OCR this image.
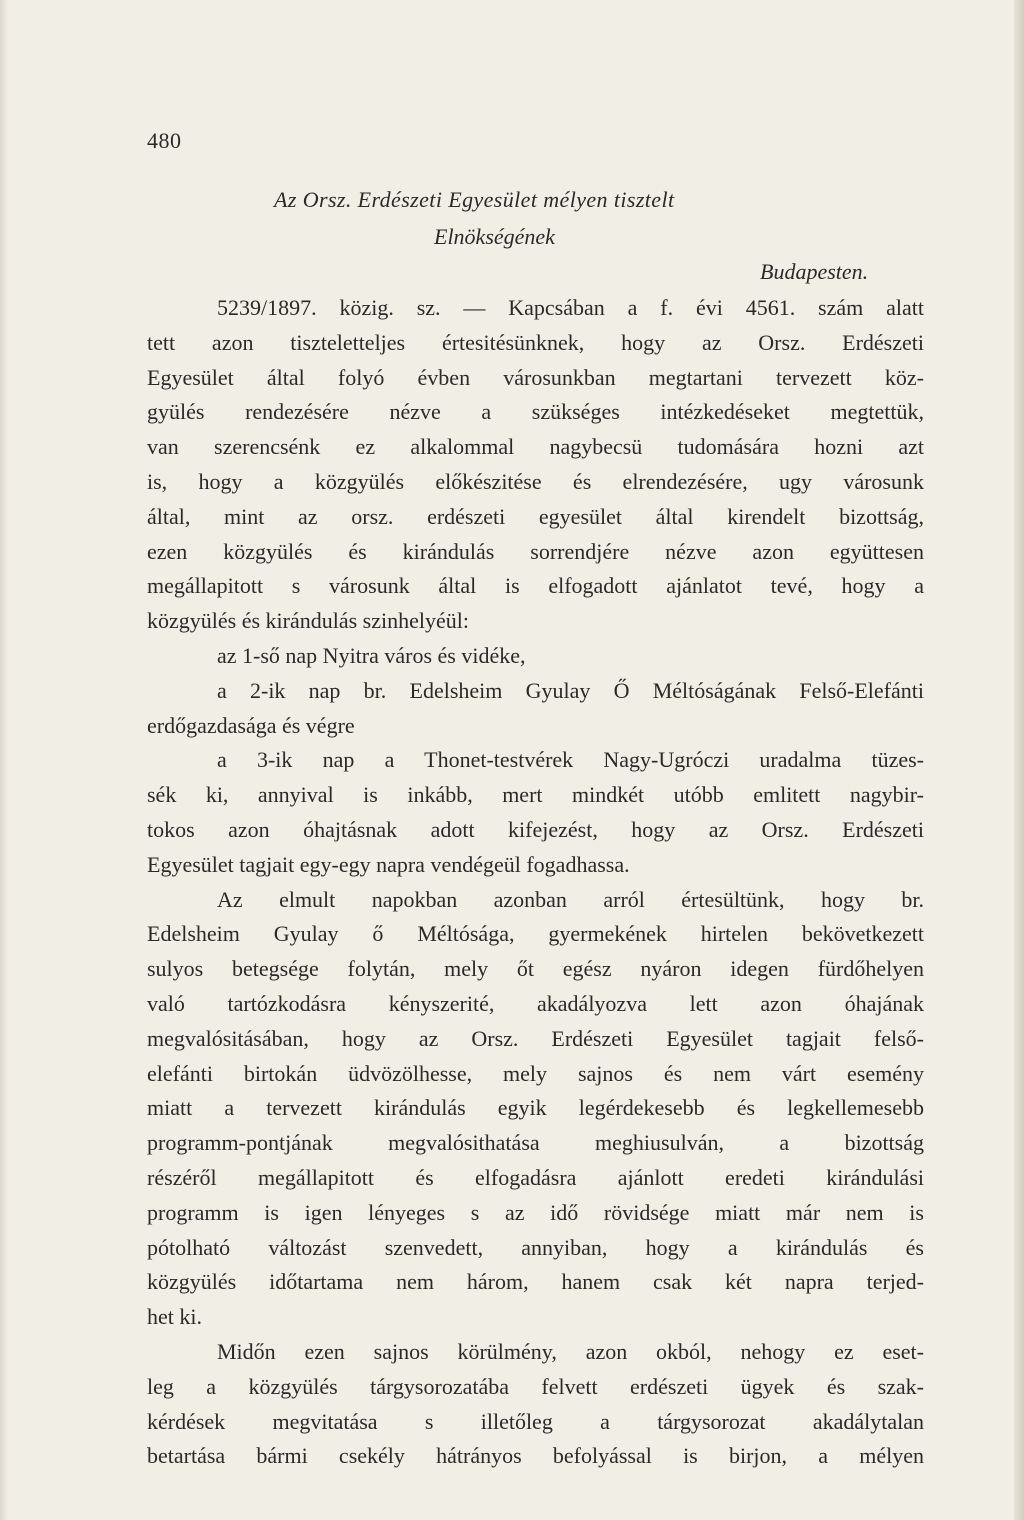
480

Az Orsz. Erdészeti Egyesület mélyen tisztelt

Elnökségének

Budapesten.

5239/1897. közig. sz. — Kapcsában a f. évi 4561. szám alatt
tett azon tiszteletteljes értesitésünknek, hogy az Orsz. Erdészeti
Egyesület által folyó évben városunkban megtartani tervezett köz-
gyülés rendezésére nézve a szükséges intézkedéseket megtettük,
van szerencsénk ez alkalommal nagybecsü tudomására hozni azt
is, hogy a közgyülés előkészitése és elrendezésére, ugy városunk
által, mint az orsz. erdészeti egyesület által kirendelt bizottság,
ezen közgyülés és kirándulás sorrendjére nézve azon együttesen
megállapitott s városunk által is elfogadott ajánlatot tevé, hogy a
közgyülés és kirándulás szinhelyéül:
az 1-ső nap Nyitra város és vidéke,
a 2-ik nap br. Edelsheim Gyulay Ő Méltóságának Felső-Elefánti
erdőgazdasága és végre
a 3-ik nap a Thonet-testvérek Nagy-Ugróczi uradalma tüzes-
sék ki, annyival is inkább, mert mindkét utóbb emlitett nagybir-
tokos azon óhajtásnak adott kifejezést, hogy az Orsz. Erdészeti
Egyesület tagjait egy-egy napra vendégeül fogadhassa.
Az elmult napokban azonban arról értesültünk, hogy br.
Edelsheim Gyulay ő Méltósága, gyermekének hirtelen bekövetkezett
sulyos betegsége folytán, mely őt egész nyáron idegen fürdőhelyen
való tartózkodásra kényszerité, akadályozva lett azon óhajának
megvalósitásában, hogy az Orsz. Erdészeti Egyesület tagjait felső-
elefánti birtokán üdvözölhesse, mely sajnos és nem várt esemény
miatt a tervezett kirándulás egyik legérdekesebb és legkellemesebb
programm-pontjának megvalósithatása meghiusulván, a bizottság
részéről megállapitott és elfogadásra ajánlott eredeti kirándulási
programm is igen lényeges s az idő rövidsége miatt már nem is
pótolható változást szenvedett, annyiban, hogy a kirándulás és
közgyülés időtartama nem három, hanem csak két napra terjed-
het ki.
Midőn ezen sajnos körülmény, azon okból, nehogy ez eset-
leg a közgyülés tárgysorozatába felvett erdészeti ügyek és szak-
kérdések megvitatása s illetőleg a tárgysorozat akadálytalan
betartása bármi csekély hátrányos befolyással is birjon, a mélyen
